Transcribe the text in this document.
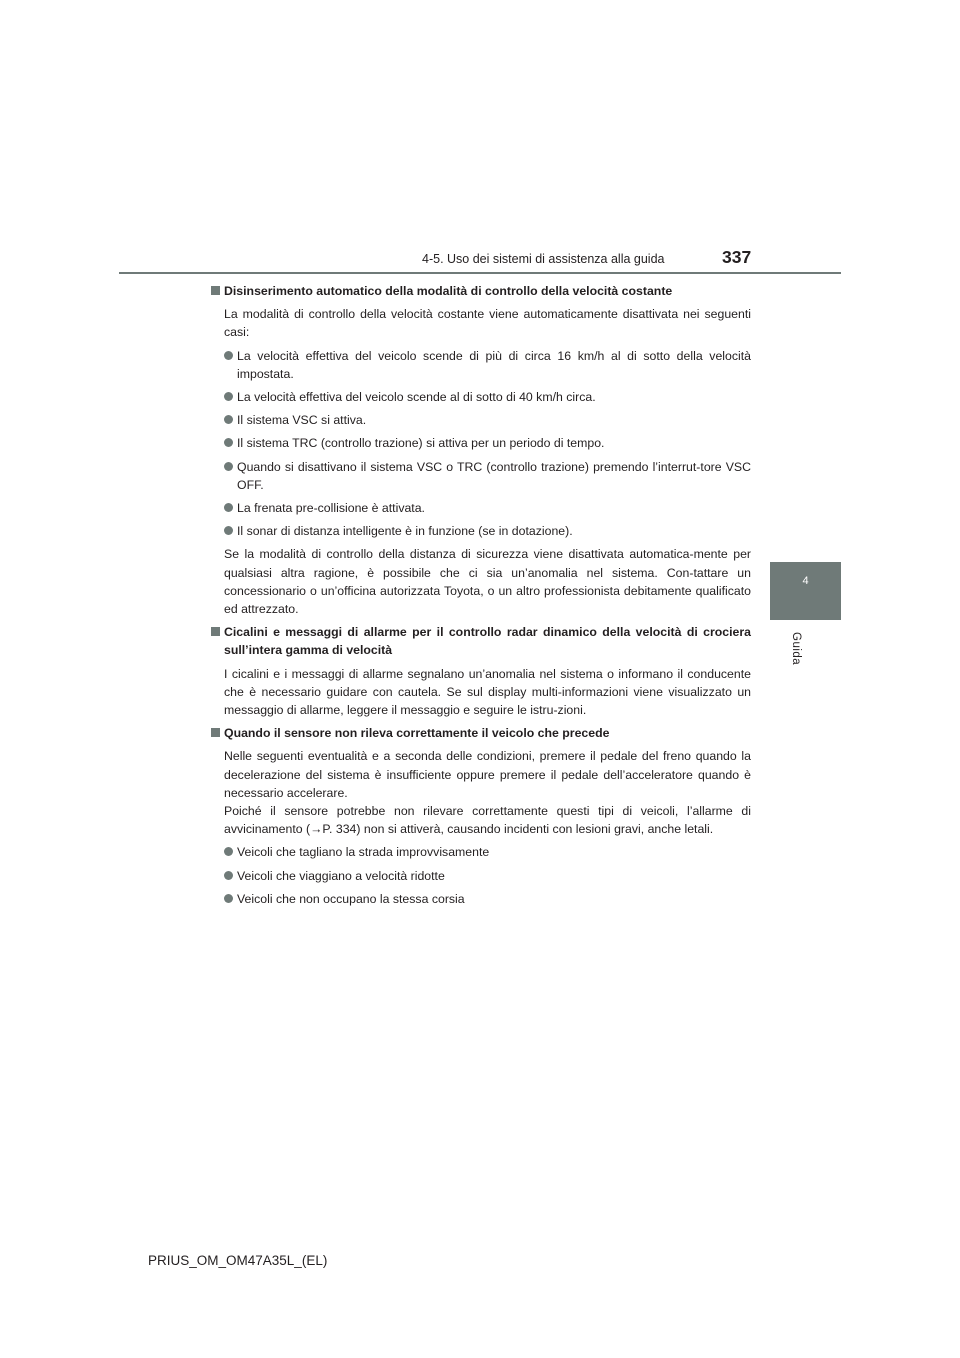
4-5. Uso dei sistemi di assistenza alla guida	337
4
Guida

Disinserimento automatico della modalità di controllo della velocità costante

La modalità di controllo della velocità costante viene automaticamente disattivata nei seguenti casi:

La velocità effettiva del veicolo scende di più di circa 16 km/h al di sotto della velocità impostata.
La velocità effettiva del veicolo scende al di sotto di 40 km/h circa.
Il sistema VSC si attiva.
Il sistema TRC (controllo trazione) si attiva per un periodo di tempo.
Quando si disattivano il sistema VSC o TRC (controllo trazione) premendo l’interrut-tore VSC OFF.
La frenata pre-collisione è attivata.
Il sonar di distanza intelligente è in funzione (se in dotazione).

Se la modalità di controllo della distanza di sicurezza viene disattivata automatica-mente per qualsiasi altra ragione, è possibile che ci sia un’anomalia nel sistema. Con-tattare un concessionario o un’officina autorizzata Toyota, o un altro professionista debitamente qualificato ed attrezzato.

Cicalini e messaggi di allarme per il controllo radar dinamico della velocità di crociera sull’intera gamma di velocità

I cicalini e i messaggi di allarme segnalano un’anomalia nel sistema o informano il conducente che è necessario guidare con cautela. Se sul display multi-informazioni viene visualizzato un messaggio di allarme, leggere il messaggio e seguire le istru-zioni.

Quando il sensore non rileva correttamente il veicolo che precede

Nelle seguenti eventualità e a seconda delle condizioni, premere il pedale del freno quando la decelerazione del sistema è insufficiente oppure premere il pedale dell’acceleratore quando è necessario accelerare.
Poiché il sensore potrebbe non rilevare correttamente questi tipi di veicoli, l’allarme di avvicinamento (→P. 334) non si attiverà, causando incidenti con lesioni gravi, anche letali.

Veicoli che tagliano la strada improvvisamente
Veicoli che viaggiano a velocità ridotte
Veicoli che non occupano la stessa corsia
PRIUS_OM_OM47A35L_(EL)
